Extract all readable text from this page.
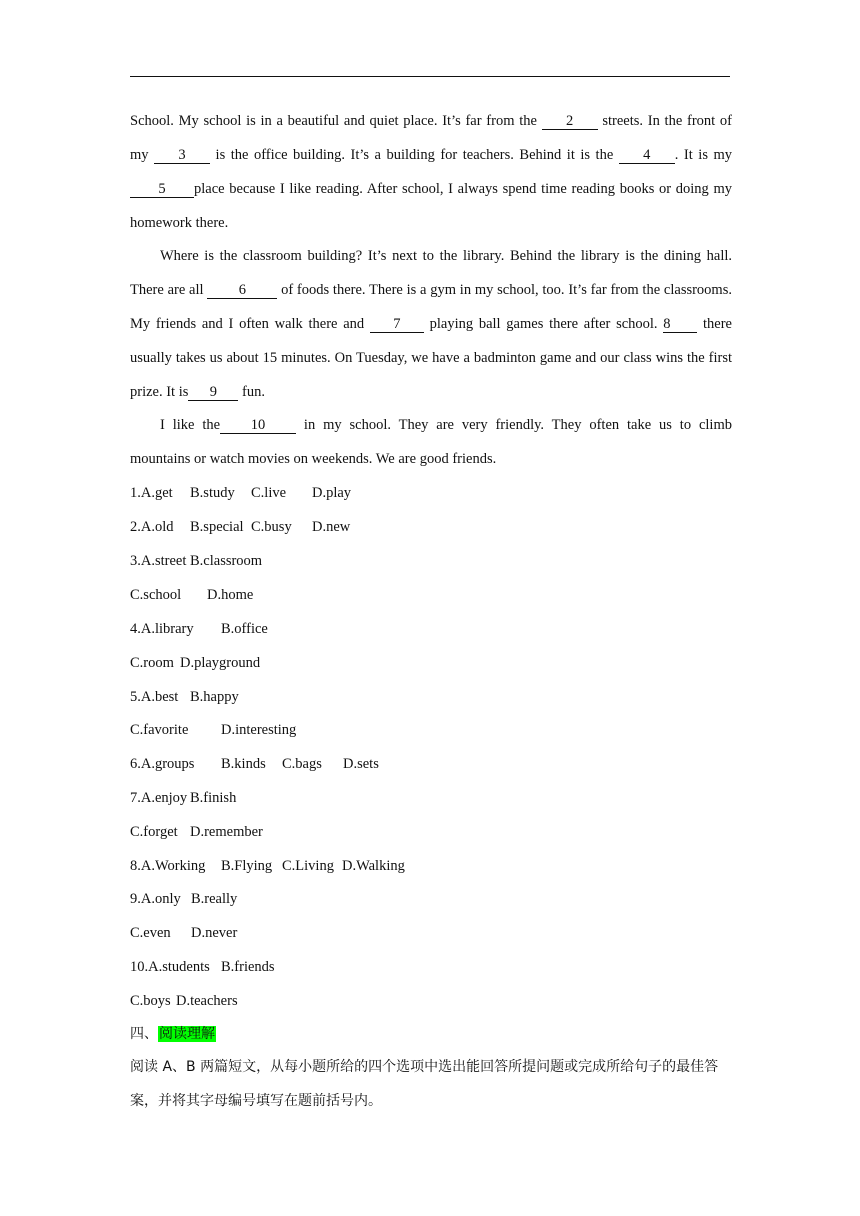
School. My school is in a beautiful and quiet place. It’s far from the 2 streets. In the front of my 3 is the office building. It’s a building for teachers. Behind it is the 4 . It is my 5 place because I like reading. After school, I always spend time reading books or doing my homework there.

Where is the classroom building? It’s next to the library. Behind the library is the dining hall. There are all 6 of foods there. There is a gym in my school, too. It’s far from the classrooms. My friends and I often walk there and 7 playing ball games there after school. 8 there usually takes us about 15 minutes. On Tuesday, we have a badminton game and our class wins the first prize. It is 9 fun.

I like the 10 in my school. They are very friendly. They often take us to climb mountains or watch movies on weekends. We are good friends.

1.A.get B.study C.live D.play
2.A.old B.special C.busy D.new
3.A.street B.classroom
C.school D.home
4.A.library B.office
C.room D.playground
5.A.best B.happy
C.favorite D.interesting
6.A.groups B.kinds C.bags D.sets
7.A.enjoy B.finish
C.forget D.remember
8.A.Working B.Flying C.Living D.Walking
9.A.only B.really
C.even D.never
10.A.students B.friends
C.boys D.teachers
四、阅读理解

阅读 A、B 两篇短文，从每小题所给的四个选项中选出能回答所提问题或完成所给句子的最佳答案，并将其字母编号填写在题前括号内。
